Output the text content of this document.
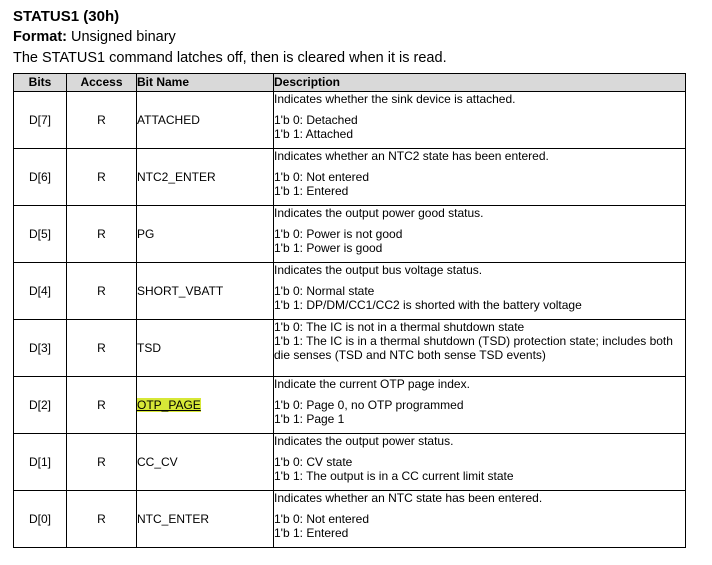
STATUS1 (30h)
Format: Unsigned binary
The STATUS1 command latches off, then is cleared when it is read.
Bits	Access	Bit Name	Description
D[7]	R	ATTACHED	Indicates whether the sink device is attached.
1'b 0: Detached
1'b 1: Attached

D[6]	R	NTC2_ENTER	Indicates whether an NTC2 state has been entered.
1'b 0: Not entered
1'b 1: Entered

D[5]	R	PG	Indicates the output power good status.
1'b 0: Power is not good
1'b 1: Power is good

D[4]	R	SHORT_VBATT	Indicates the output bus voltage status.
1'b 0: Normal state
1'b 1: DP/DM/CC1/CC2 is shorted with the battery voltage

D[3]	R	TSD	1'b 0: The IC is not in a thermal shutdown state
1'b 1: The IC is in a thermal shutdown (TSD) protection state; includes both die senses (TSD and NTC both sense TSD events)

D[2]	R	OTP_PAGE	Indicate the current OTP page index.
1'b 0: Page 0, no OTP programmed
1'b 1: Page 1

D[1]	R	CC_CV	Indicates the output power status.
1'b 0: CV state
1'b 1: The output is in a CC current limit state

D[0]	R	NTC_ENTER	Indicates whether an NTC state has been entered.
1'b 0: Not entered
1'b 1: Entered
